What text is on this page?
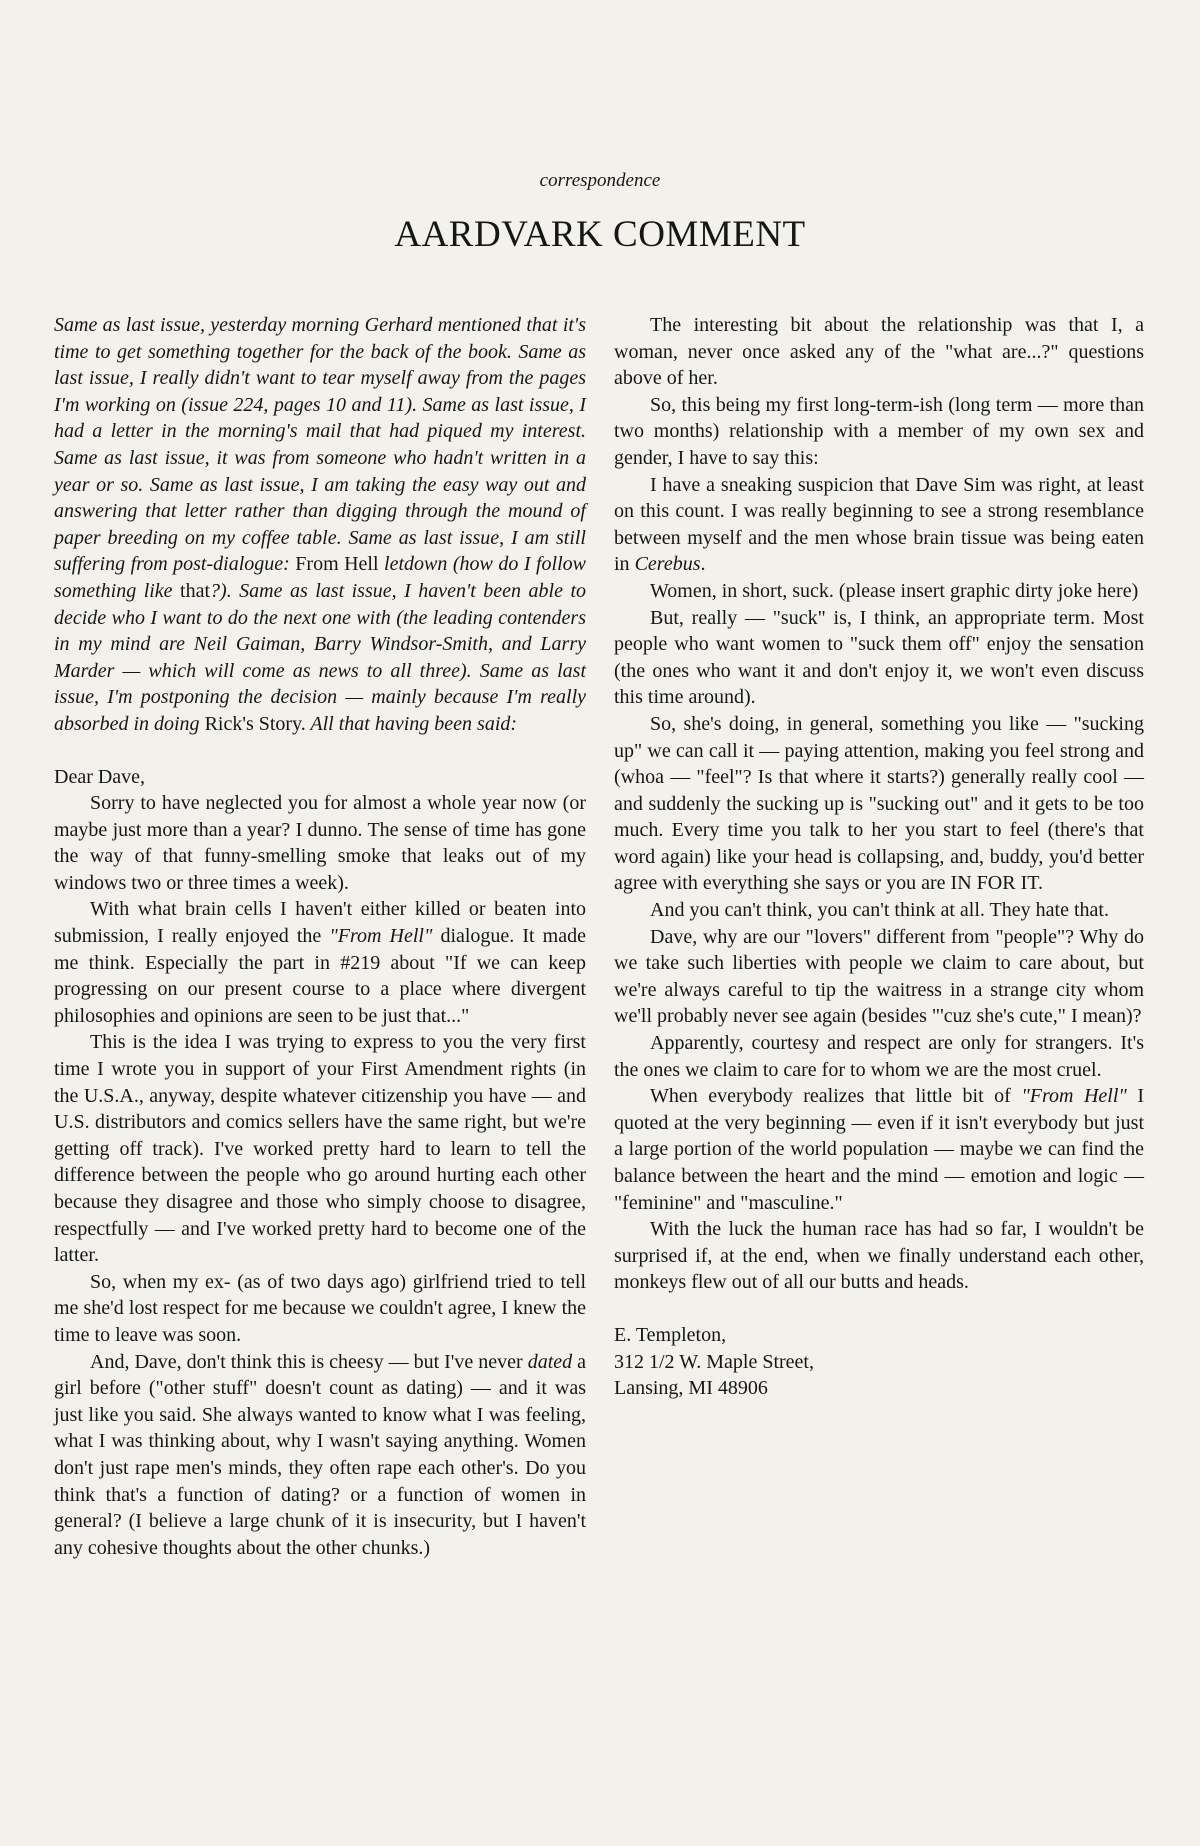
correspondence
AARDVARK COMMENT

Same as last issue, yesterday morning Gerhard mentioned that it's time to get something together for the back of the book. Same as last issue, I really didn't want to tear myself away from the pages I'm working on (issue 224, pages 10 and 11). Same as last issue, I had a letter in the morning's mail that had piqued my interest. Same as last issue, it was from someone who hadn't written in a year or so. Same as last issue, I am taking the easy way out and answering that letter rather than digging through the mound of paper breeding on my coffee table. Same as last issue, I am still suffering from post-dialogue: From Hell letdown (how do I follow something like that?). Same as last issue, I haven't been able to decide who I want to do the next one with (the leading contenders in my mind are Neil Gaiman, Barry Windsor-Smith, and Larry Marder — which will come as news to all three). Same as last issue, I'm postponing the decision — mainly because I'm really absorbed in doing Rick's Story. All that having been said:

Dear Dave,

Sorry to have neglected you for almost a whole year now (or maybe just more than a year? I dunno. The sense of time has gone the way of that funny-smelling smoke that leaks out of my windows two or three times a week).

With what brain cells I haven't either killed or beaten into submission, I really enjoyed the "From Hell" dialogue. It made me think. Especially the part in #219 about "If we can keep progressing on our present course to a place where divergent philosophies and opinions are seen to be just that..."

This is the idea I was trying to express to you the very first time I wrote you in support of your First Amendment rights (in the U.S.A., anyway, despite whatever citizenship you have — and U.S. distributors and comics sellers have the same right, but we're getting off track). I've worked pretty hard to learn to tell the difference between the people who go around hurting each other because they disagree and those who simply choose to disagree, respectfully — and I've worked pretty hard to become one of the latter.

So, when my ex- (as of two days ago) girlfriend tried to tell me she'd lost respect for me because we couldn't agree, I knew the time to leave was soon.

And, Dave, don't think this is cheesy — but I've never dated a girl before ("other stuff" doesn't count as dating) — and it was just like you said. She always wanted to know what I was feeling, what I was thinking about, why I wasn't saying anything. Women don't just rape men's minds, they often rape each other's. Do you think that's a function of dating? or a function of women in general? (I believe a large chunk of it is insecurity, but I haven't any cohesive thoughts about the other chunks.)

The interesting bit about the relationship was that I, a woman, never once asked any of the "what are...?" questions above of her.

So, this being my first long-term-ish (long term — more than two months) relationship with a member of my own sex and gender, I have to say this:

I have a sneaking suspicion that Dave Sim was right, at least on this count. I was really beginning to see a strong resemblance between myself and the men whose brain tissue was being eaten in Cerebus.

Women, in short, suck. (please insert graphic dirty joke here)

But, really — "suck" is, I think, an appropriate term. Most people who want women to "suck them off" enjoy the sensation (the ones who want it and don't enjoy it, we won't even discuss this time around).

So, she's doing, in general, something you like — "sucking up" we can call it — paying attention, making you feel strong and (whoa — "feel"? Is that where it starts?) generally really cool — and suddenly the sucking up is "sucking out" and it gets to be too much. Every time you talk to her you start to feel (there's that word again) like your head is collapsing, and, buddy, you'd better agree with everything she says or you are IN FOR IT.

And you can't think, you can't think at all. They hate that.

Dave, why are our "lovers" different from "people"? Why do we take such liberties with people we claim to care about, but we're always careful to tip the waitress in a strange city whom we'll probably never see again (besides "'cuz she's cute," I mean)?

Apparently, courtesy and respect are only for strangers. It's the ones we claim to care for to whom we are the most cruel.

When everybody realizes that little bit of "From Hell" I quoted at the very beginning — even if it isn't everybody but just a large portion of the world population — maybe we can find the balance between the heart and the mind — emotion and logic — "feminine" and "masculine."

With the luck the human race has had so far, I wouldn't be surprised if, at the end, when we finally understand each other, monkeys flew out of all our butts and heads.

E. Templeton,
312 1/2 W. Maple Street,
Lansing, MI 48906
